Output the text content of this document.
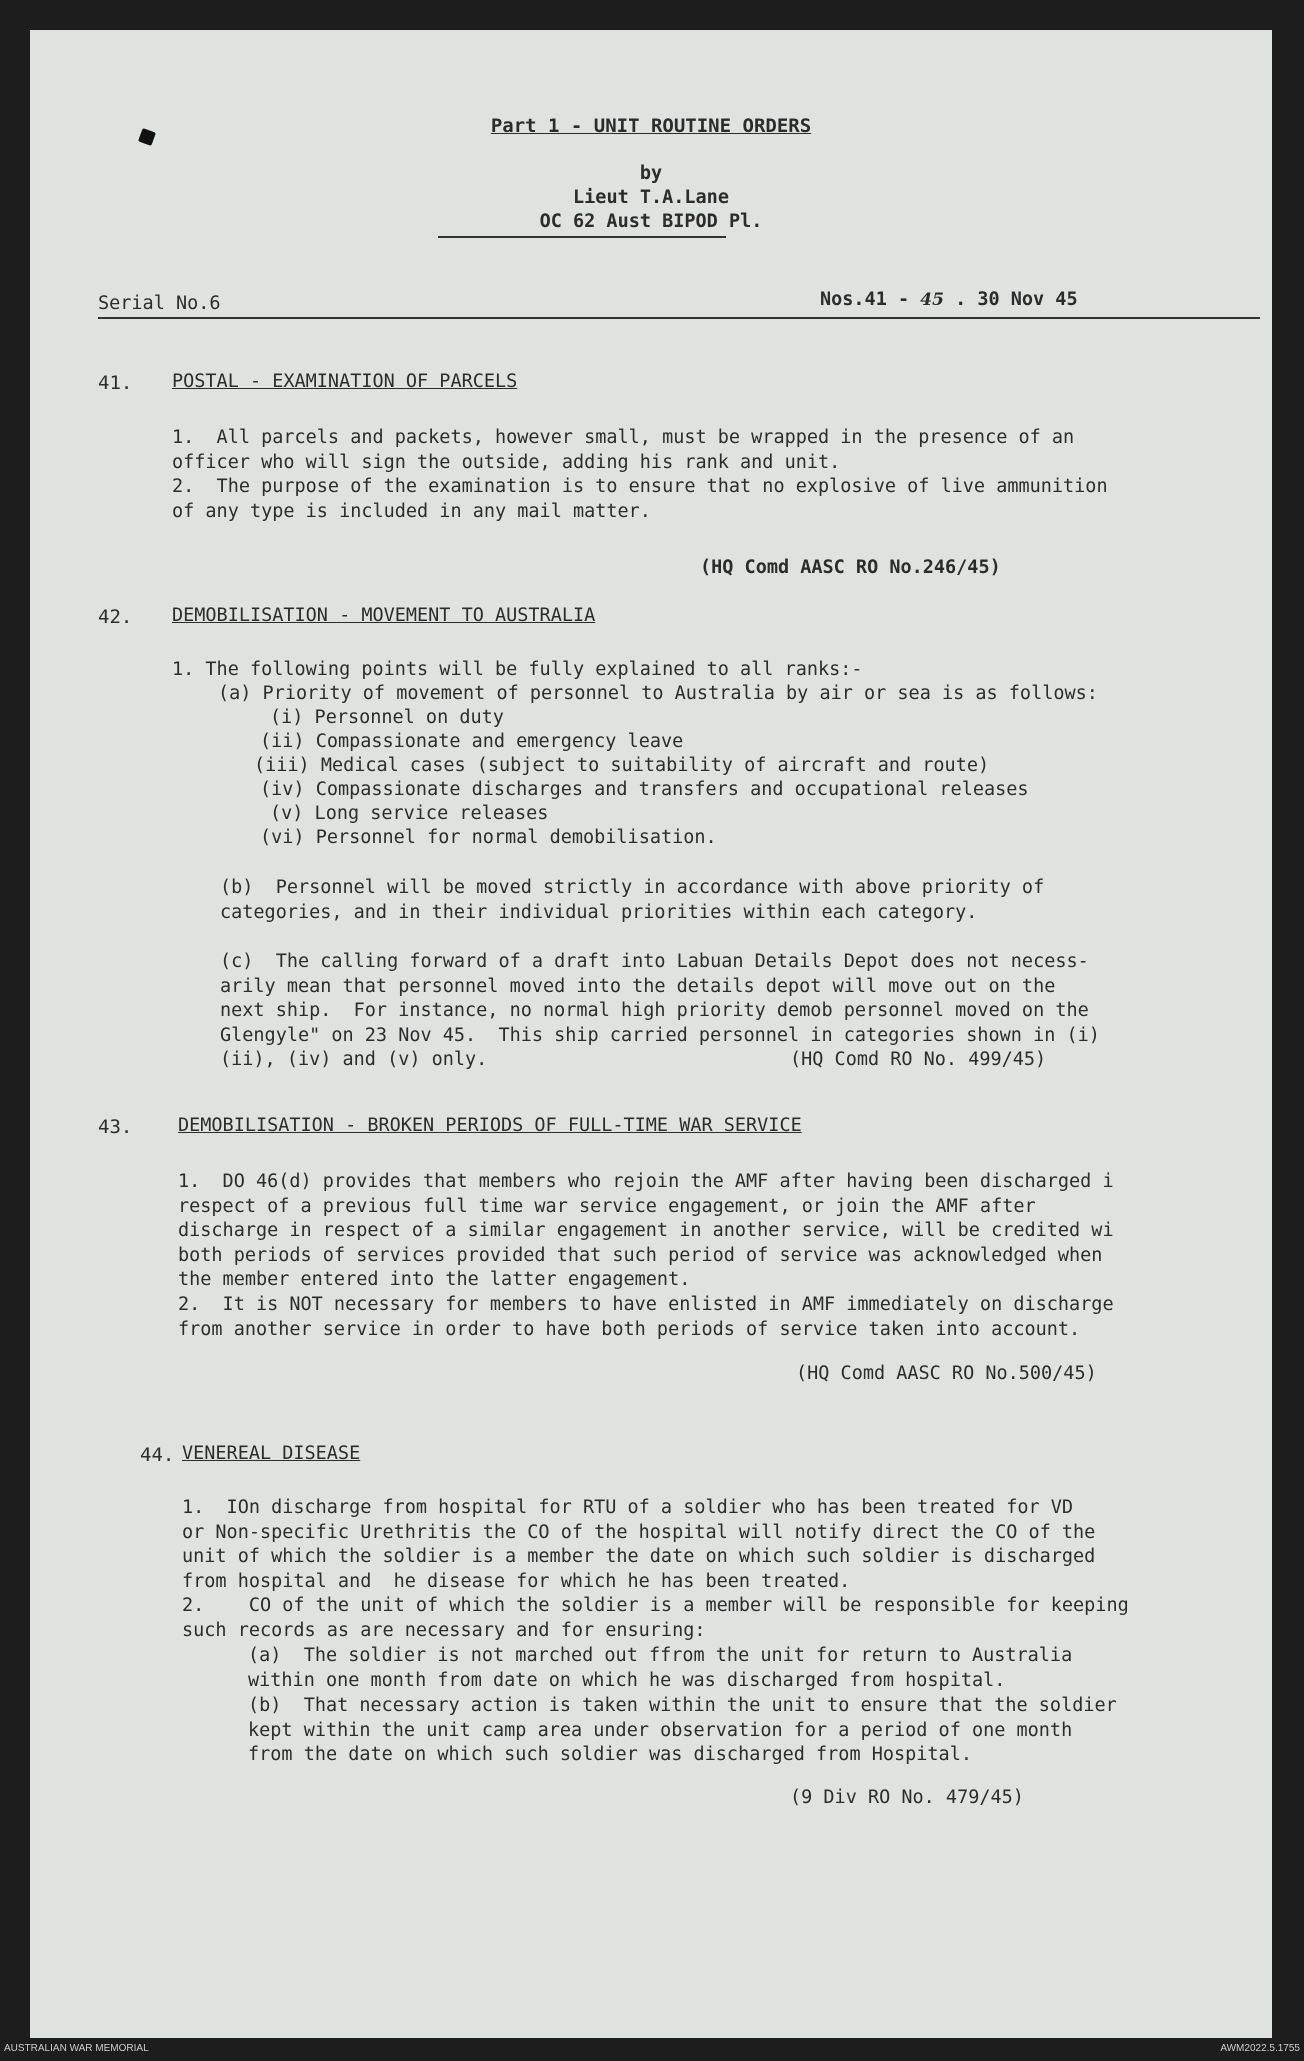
Part 1 - UNIT ROUTINE ORDERS
by
Lieut T.A.Lane
OC 62 Aust BIPOD Pl.
Serial No.6	Nos.41 - 45 . 30 Nov 45
41. POSTAL - EXAMINATION OF PARCELS
1.  All parcels and packets, however small, must be wrapped in the presence of an
officer who will sign the outside, adding his rank and unit.
2.  The purpose of the examination is to ensure that no explosive of live ammunition
of any type is included in any mail matter.
(HQ Comd AASC RO No.246/45)
42. DEMOBILISATION - MOVEMENT TO AUSTRALIA
1. The following points will be fully explained to all ranks:-
(a) Priority of movement of personnel to Australia by air or sea is as follows:
(i) Personnel on duty
(ii) Compassionate and emergency leave
(iii) Medical cases (subject to suitability of aircraft and route)
(iv) Compassionate discharges and transfers and occupational releases
(v) Long service releases
(vi) Personnel for normal demobilisation.
(b)  Personnel will be moved strictly in accordance with above priority of
categories, and in their individual priorities within each category.
(c)  The calling forward of a draft into Labuan Details Depot does not necess-
arily mean that personnel moved into the details depot will move out on the
next ship.  For instance, no normal high priority demob personnel moved on the
Glengyle" on 23 Nov 45.  This ship carried personnel in categories shown in (i)
(ii), (iv) and (v) only.	(HQ Comd RO No. 499/45)
43. DEMOBILISATION - BROKEN PERIODS OF FULL-TIME WAR SERVICE
1.  DO 46(d) provides that members who rejoin the AMF after having been discharged i
respect of a previous full time war service engagement, or join the AMF after
discharge in respect of a similar engagement in another service, will be credited wi
both periods of services provided that such period of service was acknowledged when
the member entered into the latter engagement.
2.  It is NOT necessary for members to have enlisted in AMF immediately on discharge
from another service in order to have both periods of service taken into account.
(HQ Comd AASC RO No.500/45)
44. VENEREAL DISEASE
1.  IOn discharge from hospital for RTU of a soldier who has been treated for VD
or Non-specific Urethritis the CO of the hospital will notify direct the CO of the
unit of which the soldier is a member the date on which such soldier is discharged
from hospital and  he disease for which he has been treated.
2.    CO of the unit of which the soldier is a member will be responsible for keeping
such records as are necessary and for ensuring:
(a)  The soldier is not marched out ffrom the unit for return to Australia
within one month from date on which he was discharged from hospital.
(b)  That necessary action is taken within the unit to ensure that the soldier
kept within the unit camp area under observation for a period of one month
from the date on which such soldier was discharged from Hospital.
(9 Div RO No. 479/45)
AUSTRALIAN WAR MEMORIAL	AWM2022.5.1755
